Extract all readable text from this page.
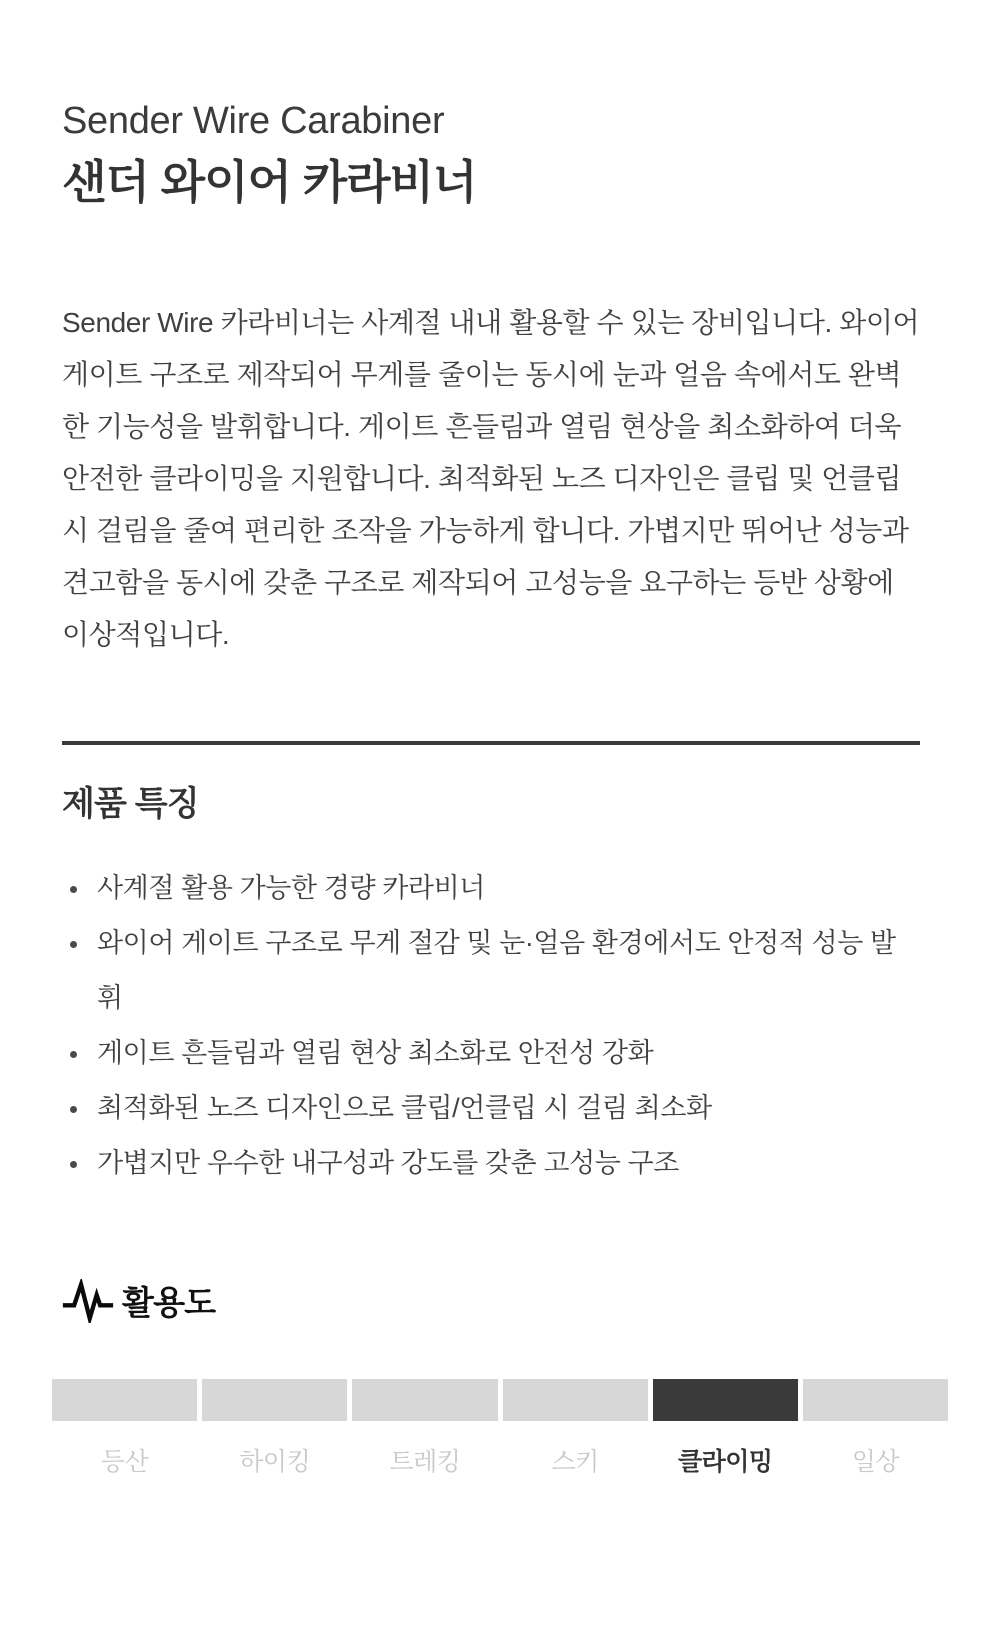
Sender Wire Carabiner
샌더 와이어 카라비너

Sender Wire 카라비너는 사계절 내내 활용할 수 있는 장비입니다. 와이어 게이트 구조로 제작되어 무게를 줄이는 동시에 눈과 얼음 속에서도 완벽한 기능성을 발휘합니다. 게이트 흔들림과 열림 현상을 최소화하여 더욱 안전한 클라이밍을 지원합니다. 최적화된 노즈 디자인은 클립 및 언클립 시 걸림을 줄여 편리한 조작을 가능하게 합니다. 가볍지만 뛰어난 성능과 견고함을 동시에 갖춘 구조로 제작되어 고성능을 요구하는 등반 상황에 이상적입니다.

제품 특징
사계절 활용 가능한 경량 카라비너
와이어 게이트 구조로 무게 절감 및 눈·얼음 환경에서도 안정적 성능 발휘
게이트 흔들림과 열림 현상 최소화로 안전성 강화
최적화된 노즈 디자인으로 클립/언클립 시 걸림 최소화
가볍지만 우수한 내구성과 강도를 갖춘 고성능 구조
활용도
등산	하이킹	트레킹	스키	클라이밍	일상
